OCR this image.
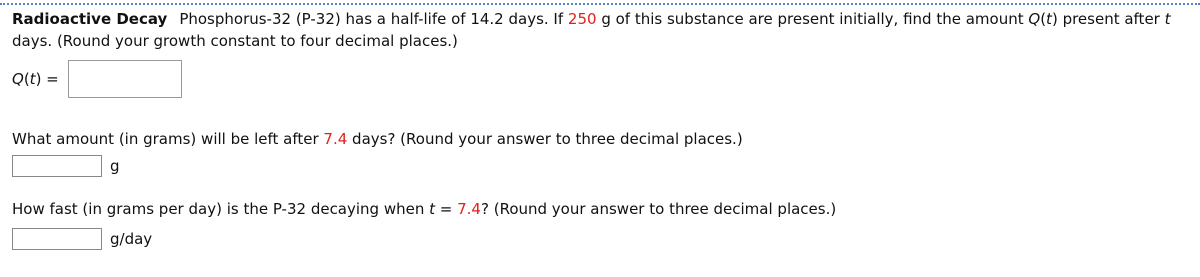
Radioactive Decay Phosphorus-32 (P-32) has a half-life of 14.2 days. If 250 g of this substance are present initially, find the amount Q(t) present after t days. (Round your growth constant to four decimal places.)
Q(t) =
What amount (in grams) will be left after 7.4 days? (Round your answer to three decimal places.)
g
How fast (in grams per day) is the P-32 decaying when t = 7.4? (Round your answer to three decimal places.)
g/day
